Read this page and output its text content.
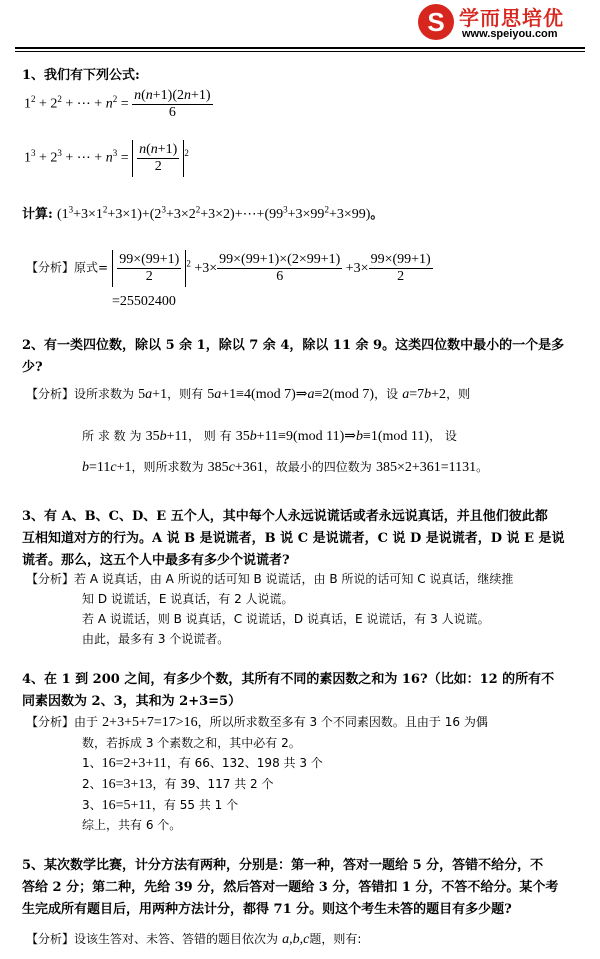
S 学而思培优
www.speiyou.com
1、我们有下列公式:
$1^2 + 2^2$ + ⋯ + $n^2 = \frac{n(n+1)(2n+1)}{6}$
$1^3 + 2^3$ + ⋯ + $n^3 = \frac{n(n+1)}{2} ^2$
计算: $(1^3+3\times 1^2+3\times 1)+(2^3+3\times 2^2+3\times 2)+\cdots+(99^3+3\times 99^2+3\times 99)$。
【分析】原式= $\frac{99\times(99+1)}{2} ^2 +3\times \frac{99\times(99+1)\times(2\times 99+1)}{6} +3\times \frac{99\times(99+1)}{2}$
=25502400
2、有一类四位数，除以 5 余 1，除以 7 余 4，除以 11 余 9。这类四位数中最小的一个是多
少?
【分析】设所求数为 5a+1，则有 5a+1≡4(mod 7)⇒a≡2(mod 7)，设 a=7b+2，则
所 求 数 为 35b+11， 则 有 35b+11≡9(mod 11)⇒b≡1(mod 11)， 设
b=11c+1，则所求数为 385c+361，故最小的四位数为 385×2+361=1131。
3、有 A、B、C、D、E 五个人，其中每个人永远说谎话或者永远说真话，并且他们彼此都
互相知道对方的行为。A 说 B 是说谎者，B 说 C 是说谎者，C 说 D 是说谎者，D 说 E 是说
谎者。那么，这五个人中最多有多少个说谎者?
【分析】若 A 说真话，由 A 所说的话可知 B 说谎话，由 B 所说的话可知 C 说真话，继续推
知 D 说谎话，E 说真话，有 2 人说谎。
若 A 说谎话，则 B 说真话，C 说谎话，D 说真话，E 说谎话，有 3 人说谎。
由此，最多有 3 个说谎者。
4、在 1 到 200 之间，有多少个数，其所有不同的素因数之和为 16?（比如：12 的所有不
同素因数为 2、3，其和为 2+3=5）
【分析】由于 2+3+5+7=17>16，所以所求数至多有 3 个不同素因数。且由于 16 为偶
数，若拆成 3 个素数之和，其中必有 2。
1、16=2+3+11，有 66、132、198 共 3 个
2、16=3+13，有 39、117 共 2 个
3、16=5+11，有 55 共 1 个
综上，共有 6 个。
5、某次数学比赛，计分方法有两种，分别是：第一种，答对一题给 5 分，答错不给分，不
答给 2 分；第二种，先给 39 分，然后答对一题给 3 分，答错扣 1 分，不答不给分。某个考
生完成所有题目后，用两种方法计分，都得 71 分。则这个考生未答的题目有多少题?
【分析】设该生答对、未答、答错的题目依次为 a,b,c题，则有:
